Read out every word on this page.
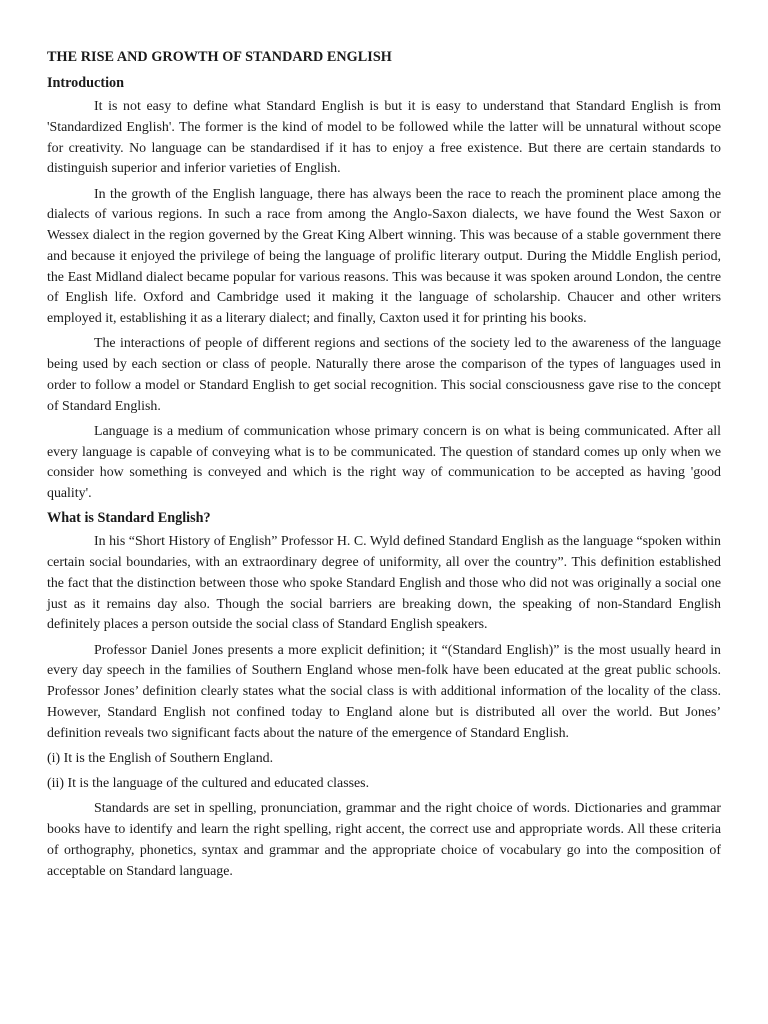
THE RISE AND GROWTH OF STANDARD ENGLISH
Introduction

It is not easy to define what Standard English is but it is easy to understand that Standard English is from 'Standardized English'. The former is the kind of model to be followed while the latter will be unnatural without scope for creativity. No language can be standardised if it has to enjoy a free existence. But there are certain standards to distinguish superior and inferior varieties of English.

In the growth of the English language, there has always been the race to reach the prominent place among the dialects of various regions. In such a race from among the Anglo-Saxon dialects, we have found the West Saxon or Wessex dialect in the region governed by the Great King Albert winning. This was because of a stable government there and because it enjoyed the privilege of being the language of prolific literary output. During the Middle English period, the East Midland dialect became popular for various reasons. This was because it was spoken around London, the centre of English life. Oxford and Cambridge used it making it the language of scholarship. Chaucer and other writers employed it, establishing it as a literary dialect; and finally, Caxton used it for printing his books.

The interactions of people of different regions and sections of the society led to the awareness of the language being used by each section or class of people. Naturally there arose the comparison of the types of languages used in order to follow a model or Standard English to get social recognition. This social consciousness gave rise to the concept of Standard English.

Language is a medium of communication whose primary concern is on what is being communicated. After all every language is capable of conveying what is to be communicated. The question of standard comes up only when we consider how something is conveyed and which is the right way of communication to be accepted as having 'good quality'.

What is Standard English?

In his “Short History of English” Professor H. C. Wyld defined Standard English as the language “spoken within certain social boundaries, with an extraordinary degree of uniformity, all over the country”. This definition established the fact that the distinction between those who spoke Standard English and those who did not was originally a social one just as it remains day also. Though the social barriers are breaking down, the speaking of non-Standard English definitely places a person outside the social class of Standard English speakers.

Professor Daniel Jones presents a more explicit definition; it “(Standard English)” is the most usually heard in every day speech in the families of Southern England whose men-folk have been educated at the great public schools. Professor Jones’ definition clearly states what the social class is with additional information of the locality of the class. However, Standard English not confined today to England alone but is distributed all over the world. But Jones’ definition reveals two significant facts about the nature of the emergence of Standard English.

(i) It is the English of Southern England.
(ii) It is the language of the cultured and educated classes.

Standards are set in spelling, pronunciation, grammar and the right choice of words. Dictionaries and grammar books have to identify and learn the right spelling, right accent, the correct use and appropriate words. All these criteria of orthography, phonetics, syntax and grammar and the appropriate choice of vocabulary go into the composition of acceptable on Standard language.
